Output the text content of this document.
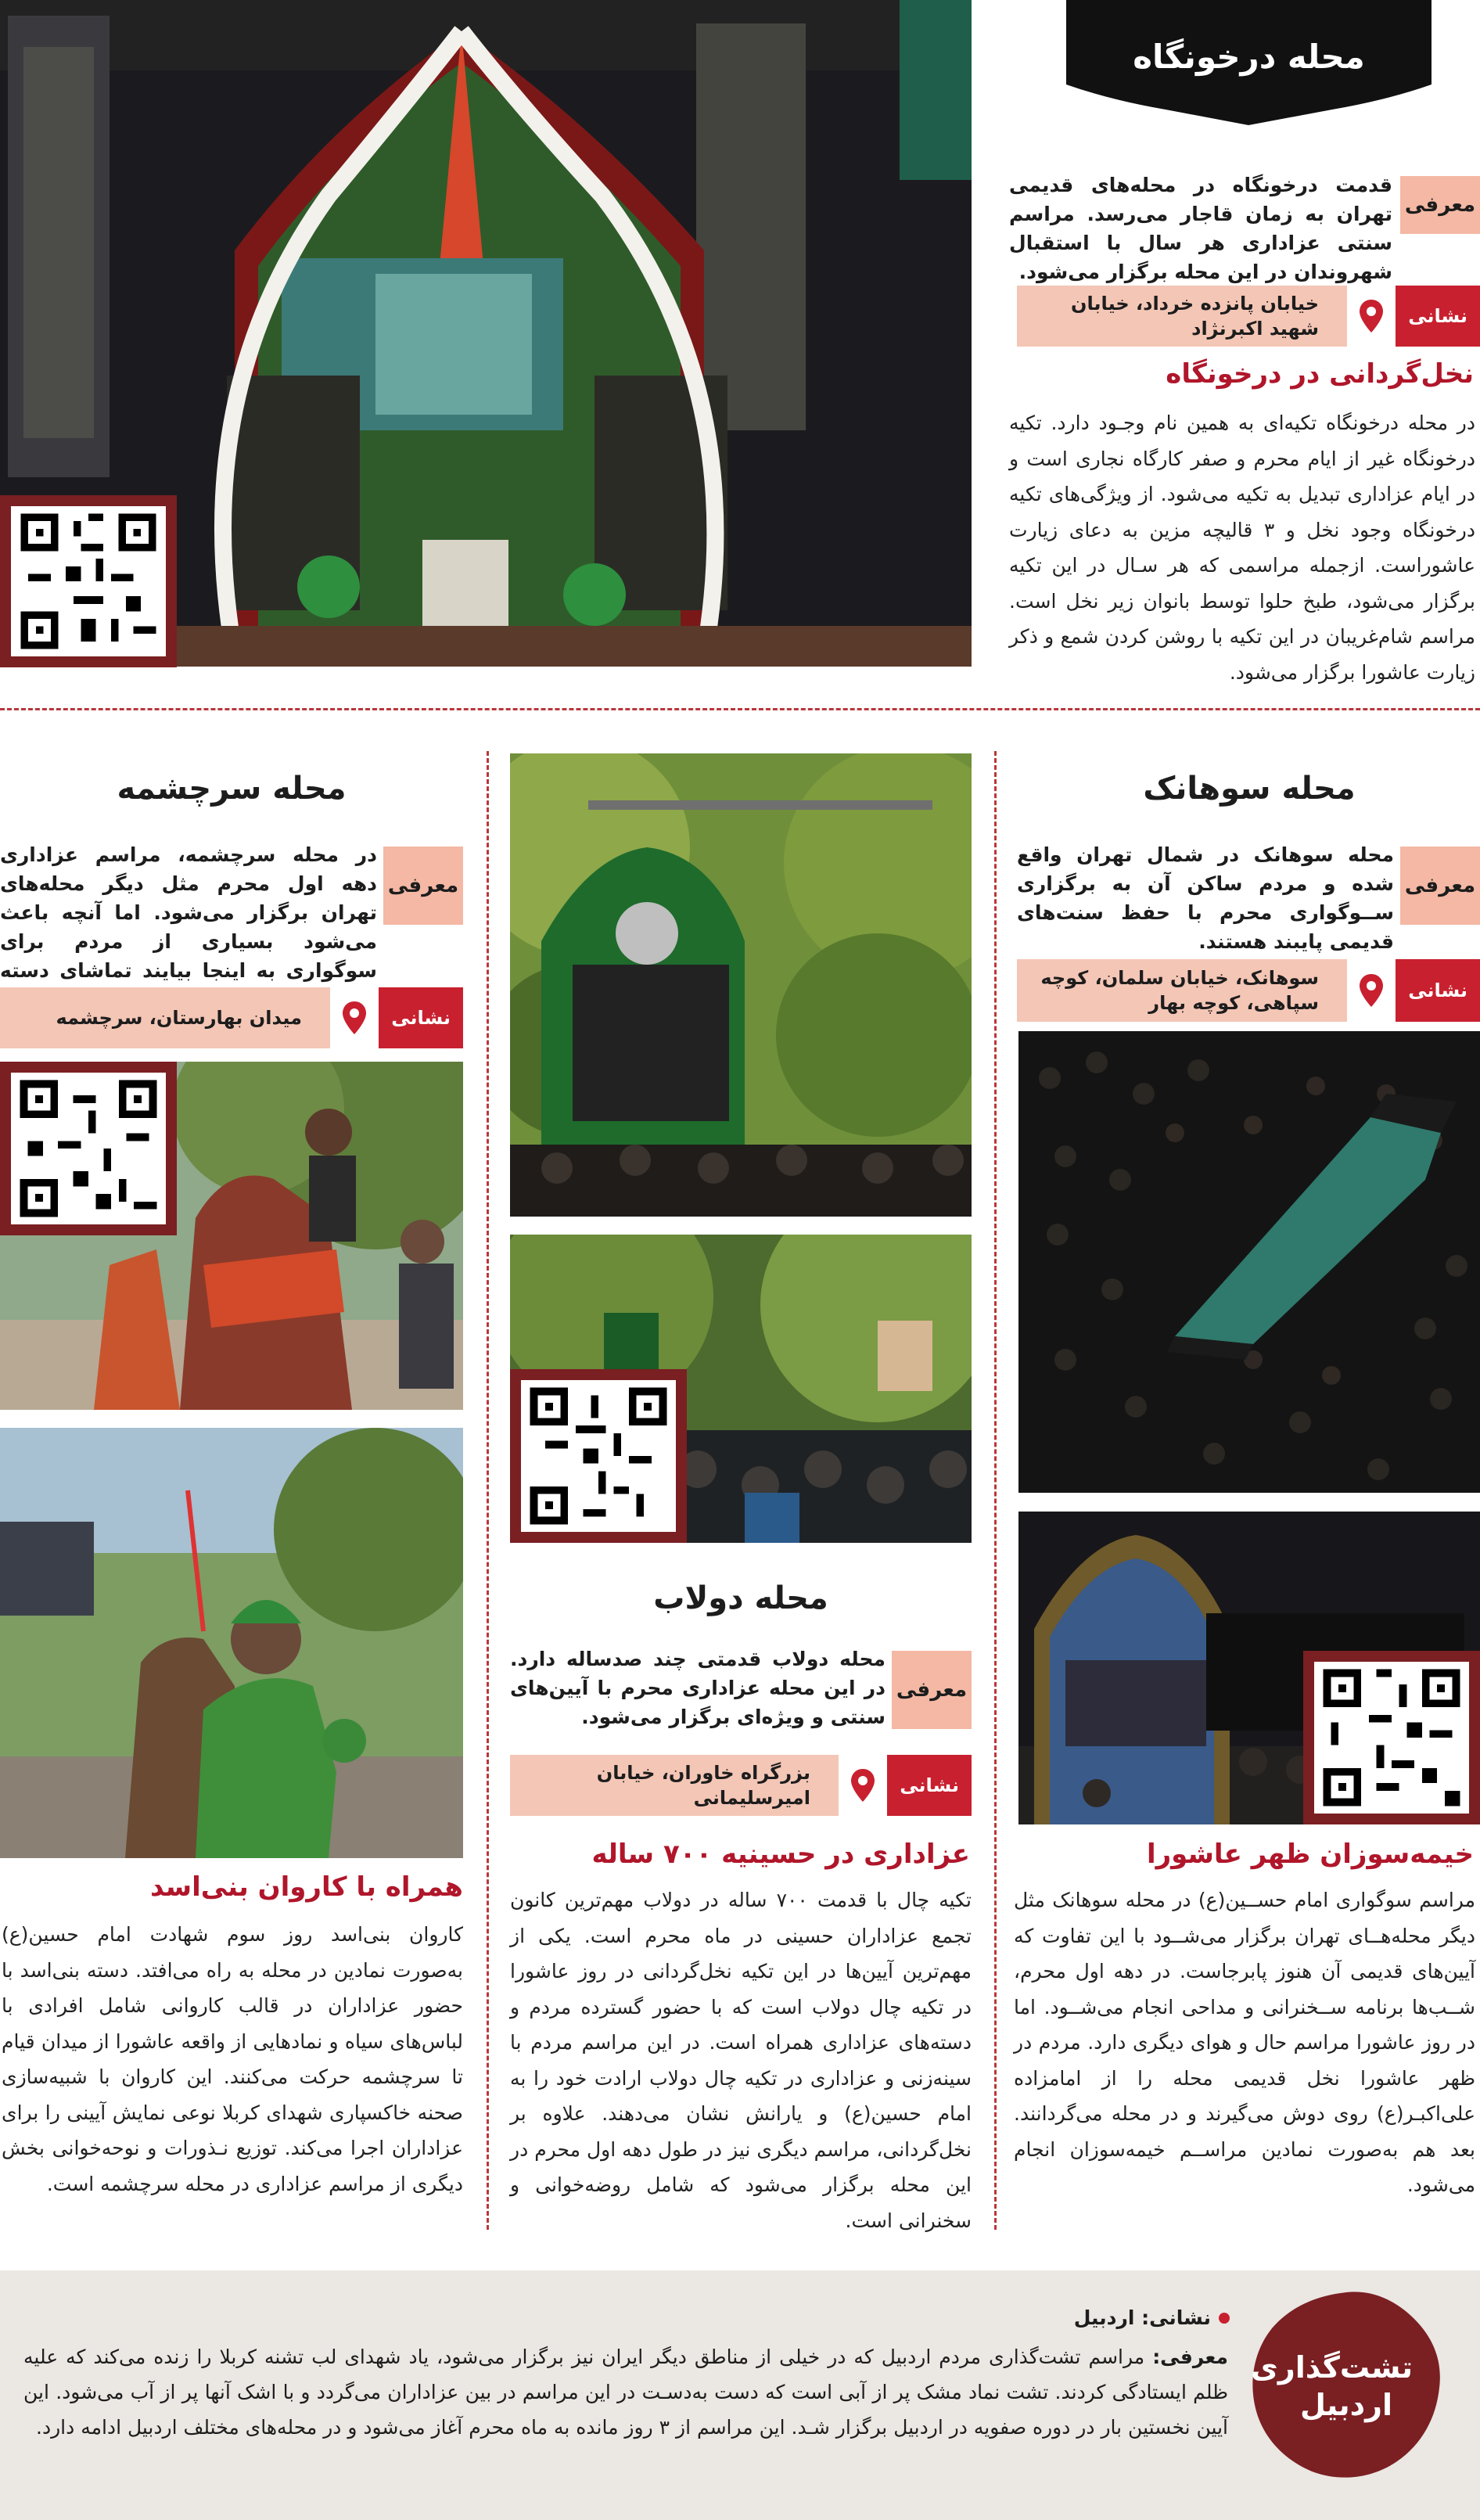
محله درخونگاه
معرفی
قدمت درخونگاه در محله‌های قدیمی تهران به زمان قاجار می‌رسد. مراسم سنتی عزاداری هر سال با استقبال شهروندان در این محله برگزار می‌شود.
نشانی
خیابان پانزده خرداد، خیابان شهید اکبرنژاد
نخل‌گردانی در درخونگاه
در محله درخونگاه تکیه‌ای به همین نام وجـود دارد. تکیه درخونگاه غیر از ایام محرم و صفر کارگاه نجاری است و در ایام عزاداری تبدیل به تکیه می‌شود. از ویژگی‌های تکیه درخونگاه وجود نخل و ۳ قالیچه مزین به دعای زیارت عاشوراست. ازجمله مراسمی که هر سـال در این تکیه برگزار می‌شود، طبخ حلوا توسط بانوان زیر نخل است. مراسم شام‌غریبان در این تکیه با روشن کردن شمع و ذکر زیارت عاشورا برگزار می‌شود.
محله سوهانک
معرفی
محله سوهانک در شمال تهران واقع شده و مردم ساکن آن به برگزاری ســوگواری محرم با حفظ سنت‌های قدیمی پایبند هستند.
نشانی
سوهانک، خیابان سلمان، کوچه سپاهی، کوچه بهار
خیمه‌سوزان ظهر عاشورا
مراسم سوگواری امام حســین(ع) در محله سوهانک مثل دیگر محله‌هــای تهران برگزار می‌شــود با این تفاوت که آیین‌های قدیمی آن هنوز پابرجاست. در دهه اول محرم، شــب‌ها برنامه ســخنرانی و مداحی انجام می‌شــود. اما در روز عاشورا مراسم حال و هوای دیگری دارد. مردم در ظهر عاشورا نخل قدیمی محله را از امامزاده علی‌اکبـر(ع) روی دوش می‌گیرند و در محله می‌گردانند. بعد هم به‌صورت نمادین مراســم خیمه‌سوزان انجام می‌شود.
محله دولاب
معرفی
محله دولاب قدمتی چند صدساله دارد. در این محله عزاداری محرم با آیین‌های سنتی و ویژه‌ای برگزار می‌شود.
نشانی
بزرگراه خاوران، خیابان امیرسلیمانی
عزاداری در حسینیه ۷۰۰ ساله
تکیه چال با قدمت ۷۰۰ ساله در دولاب مهم‌ترین کانون تجمع عزاداران حسینی در ماه محرم است. یکی از مهم‌ترین آیین‌ها در این تکیه نخل‌گردانی در روز عاشورا در تکیه چال دولاب است که با حضور گسترده مردم و دسته‌های عزاداری همراه است. در این مراسم مردم با سینه‌زنی و عزاداری در تکیه چال دولاب ارادت خود را به امام حسین(ع) و یارانش نشان می‌دهند. علاوه بر نخل‌گردانی، مراسم دیگری نیز در طول دهه اول محرم در این محله برگزار می‌شود که شامل روضه‌خوانی و سخنرانی است.
محله سرچشمه
معرفی
در محله سرچشمه، مراسم عزاداری دهه اول محرم مثل دیگر محله‌های تهران برگزار می‌شود. اما آنچه باعث می‌شود بسیاری از مردم برای سوگواری به اینجا بیایند تماشای دسته
نشانی
میدان بهارستان، سرچشمه
همراه با کاروان بنی‌اسد
کاروان بنی‌اسد روز سوم شهادت امام حسین(ع) به‌صورت نمادین در محله به راه می‌افتد. دسته بنی‌اسد با حضور عزاداران در قالب کاروانی شامل افرادی با لباس‌های سیاه و نمادهایی از واقعه عاشورا از میدان قیام تا سرچشمه حرکت می‌کنند. این کاروان با شبیه‌سازی صحنه خاکسپاری شهدای کربلا نوعی نمایش آیینی را برای عزاداران اجرا می‌کند. توزیع نـذورات و نوحه‌خوانی بخش دیگری از مراسم عزاداری در محله سرچشمه است.
تشت‌گذاری اردبیل
نشانی: اردبیل
معرفی: مراسم تشت‌گذاری مردم اردبیل که در خیلی از مناطق دیگر ایران نیز برگزار می‌شود، یاد شهدای لب تشنه کربلا را زنده می‌کند که علیه ظلم ایستادگی کردند. تشت نماد مشک پر از آبی است که دست به‌دسـت در این مراسم در بین عزاداران می‌گردد و با اشک آنها پر از آب می‌شود. این آیین نخستین بار در دوره صفویه در اردبیل برگزار شـد. این مراسم از ۳ روز مانده به ماه محرم آغاز می‌شود و در محله‌های مختلف اردبیل ادامه دارد.
